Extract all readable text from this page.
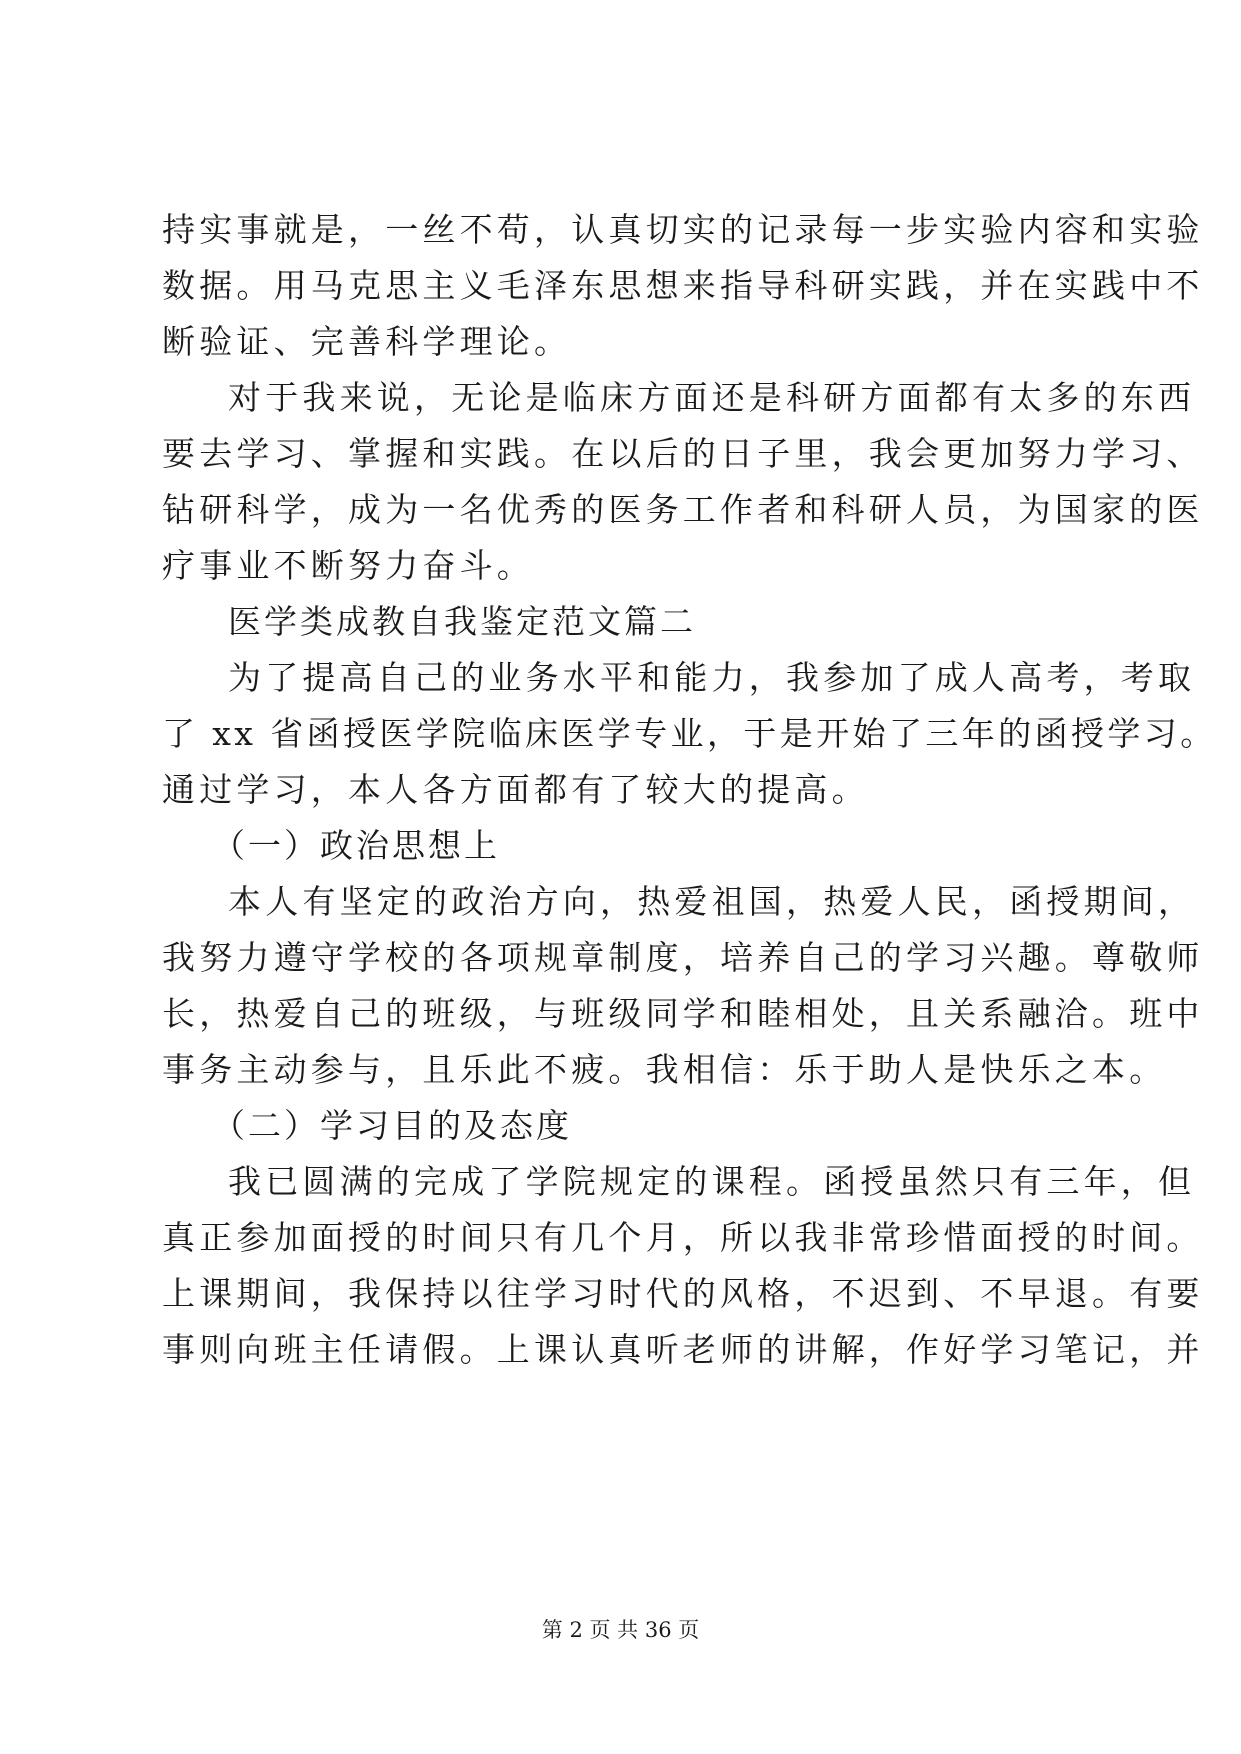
持实事就是，一丝不苟，认真切实的记录每一步实验内容和实验
数据。用马克思主义毛泽东思想来指导科研实践，并在实践中不
断验证、完善科学理论。
对于我来说，无论是临床方面还是科研方面都有太多的东西
要去学习、掌握和实践。在以后的日子里，我会更加努力学习、
钻研科学，成为一名优秀的医务工作者和科研人员，为国家的医
疗事业不断努力奋斗。
医学类成教自我鉴定范文篇二
为了提高自己的业务水平和能力，我参加了成人高考，考取
了 xx 省函授医学院临床医学专业，于是开始了三年的函授学习。
通过学习，本人各方面都有了较大的提高。
（一）政治思想上
本人有坚定的政治方向，热爱祖国，热爱人民，函授期间，
我努力遵守学校的各项规章制度，培养自己的学习兴趣。尊敬师
长，热爱自己的班级，与班级同学和睦相处，且关系融洽。班中
事务主动参与，且乐此不疲。我相信：乐于助人是快乐之本。
（二）学习目的及态度
我已圆满的完成了学院规定的课程。函授虽然只有三年，但
真正参加面授的时间只有几个月，所以我非常珍惜面授的时间。
上课期间，我保持以往学习时代的风格，不迟到、不早退。有要
事则向班主任请假。上课认真听老师的讲解，作好学习笔记，并
第 2 页 共 36 页
